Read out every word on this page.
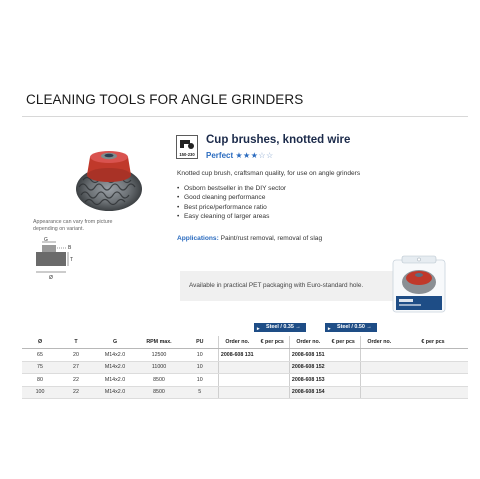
CLEANING TOOLS FOR ANGLE GRINDERS
Appearance can vary from picture depending on variant.
G
B
T
Ø
150-230
Cup brushes, knotted wire
Perfect ★★★☆☆
Knotted cup brush, craftsman quality, for use on angle grinders
• Osborn bestseller in the DIY sector
• Good cleaning performance
• Best price/performance ratio
• Easy cleaning of larger areas
Applications: Paint/rust removal, removal of slag
Available in practical PET packaging with Euro-standard hole.
▸ Steel / 0.35 →	▸ Steel / 0.50 →
Ø	T	G	RPM max.	PU	Order no.	€ per pcs	Order no.	€ per pcs	Order no.	€ per pcs
65	20	M14x2.0	12500	10	2008-608 131		2008-608 151			
75	27	M14x2.0	11000	10			2008-608 152			
80	22	M14x2.0	8500	10			2008-608 153			
100	22	M14x2.0	8500	5			2008-608 154			
